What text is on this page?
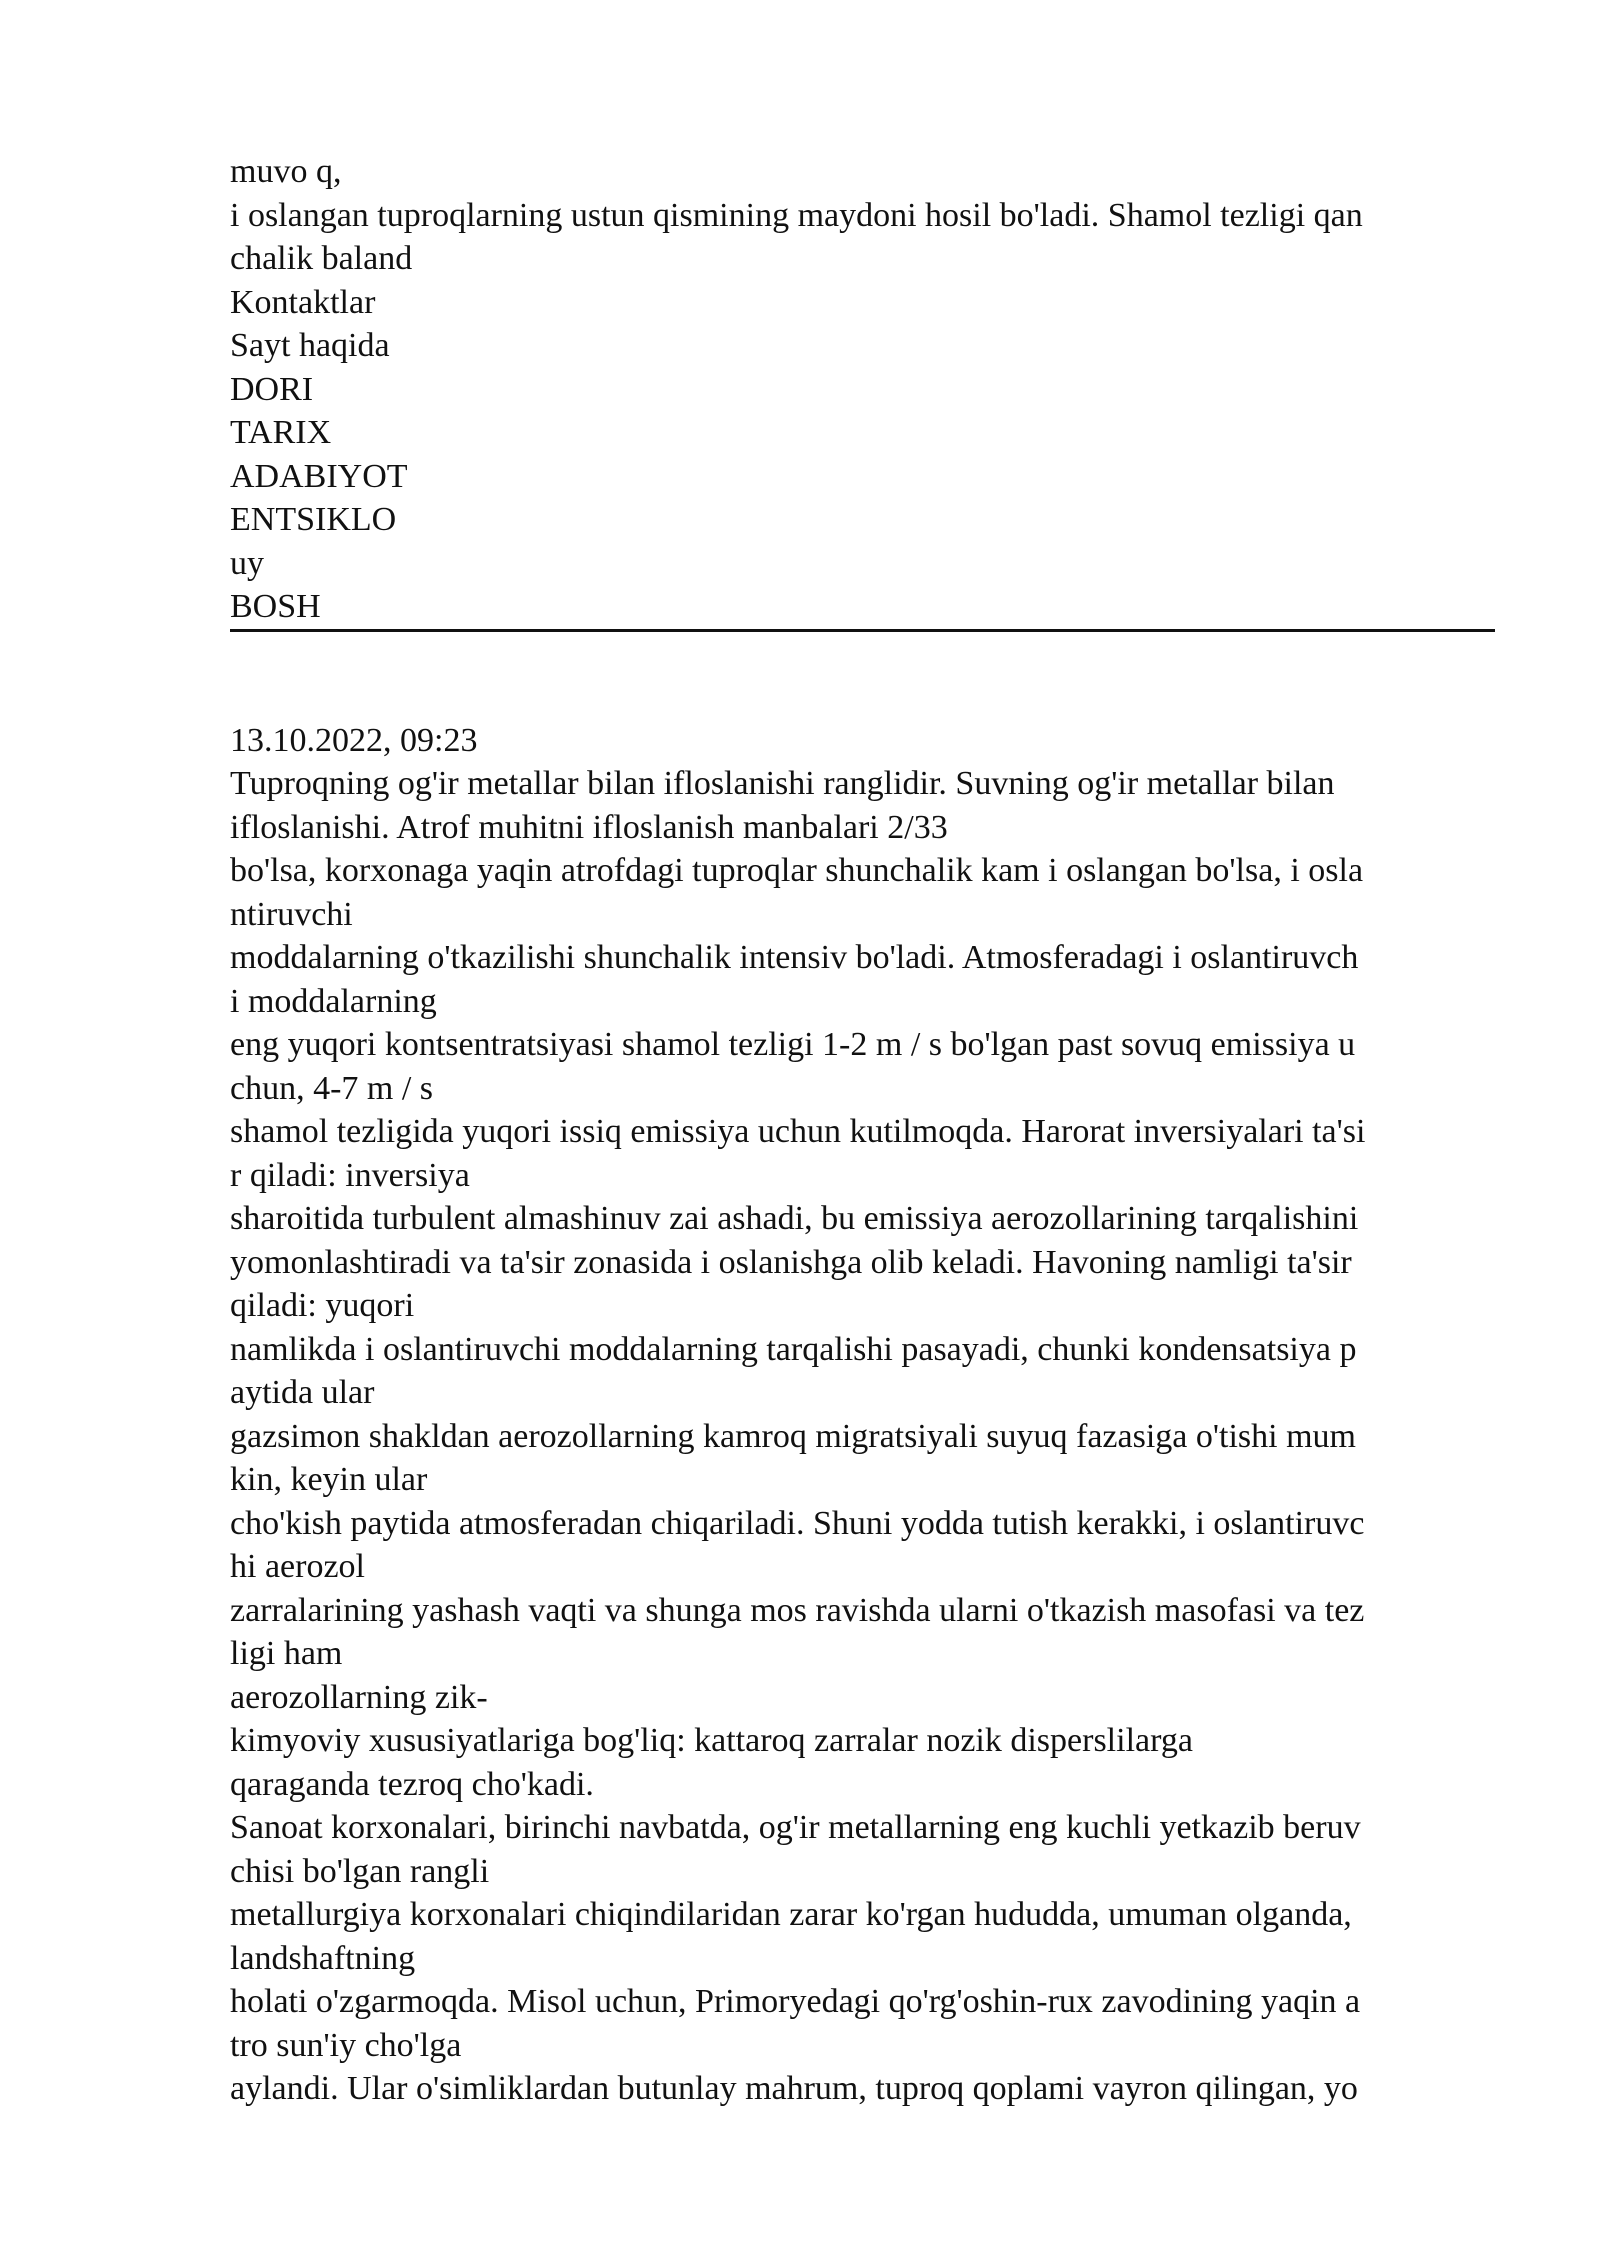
muvo q,
i oslangan tuproqlarning ustun qismining maydoni hosil bo'ladi. Shamol tezligi qan
chalik baland
Kontaktlar
Sayt haqida
DORI
TARIX
ADABIYOT
ENTSIKLO
uy
BOSH
13.10.2022, 09:23
Tuproqning og'ir metallar bilan ifloslanishi ranglidir. Suvning og'ir metallar bilan
ifloslanishi. Atrof muhitni ifloslanish manbalari 2/33
bo'lsa, korxonaga yaqin atrofdagi tuproqlar shunchalik kam i oslangan bo'lsa, i osla
ntiruvchi
moddalarning o'tkazilishi shunchalik intensiv bo'ladi. Atmosferadagi i oslantiruvch
i moddalarning
eng yuqori kontsentratsiyasi shamol tezligi 1-2 m / s bo'lgan past sovuq emissiya u
chun, 4-7 m / s
shamol tezligida yuqori issiq emissiya uchun kutilmoqda. Harorat inversiyalari ta'si
r qiladi: inversiya
sharoitida turbulent almashinuv zai ashadi, bu emissiya aerozollarining tarqalishini
yomonlashtiradi va ta'sir zonasida i oslanishga olib keladi. Havoning namligi ta'sir
qiladi: yuqori
namlikda i oslantiruvchi moddalarning tarqalishi pasayadi, chunki kondensatsiya p
aytida ular
gazsimon shakldan aerozollarning kamroq migratsiyali suyuq fazasiga o'tishi mum
kin, keyin ular
cho'kish paytida atmosferadan chiqariladi. Shuni yodda tutish kerakki, i oslantiruvc
hi aerozol
zarralarining yashash vaqti va shunga mos ravishda ularni o'tkazish masofasi va tez
ligi ham
aerozollarning zik-
kimyoviy xususiyatlariga bog'liq: kattaroq zarralar nozik disperslilarga
qaraganda tezroq cho'kadi.
Sanoat korxonalari, birinchi navbatda, og'ir metallarning eng kuchli yetkazib beruv
chisi bo'lgan rangli
metallurgiya korxonalari chiqindilaridan zarar ko'rgan hududda, umuman olganda,
landshaftning
holati o'zgarmoqda. Misol uchun, Primoryedagi qo'rg'oshin-rux zavodining yaqin a
tro sun'iy cho'lga
aylandi. Ular o'simliklardan butunlay mahrum, tuproq qoplami vayron qilingan, yo
